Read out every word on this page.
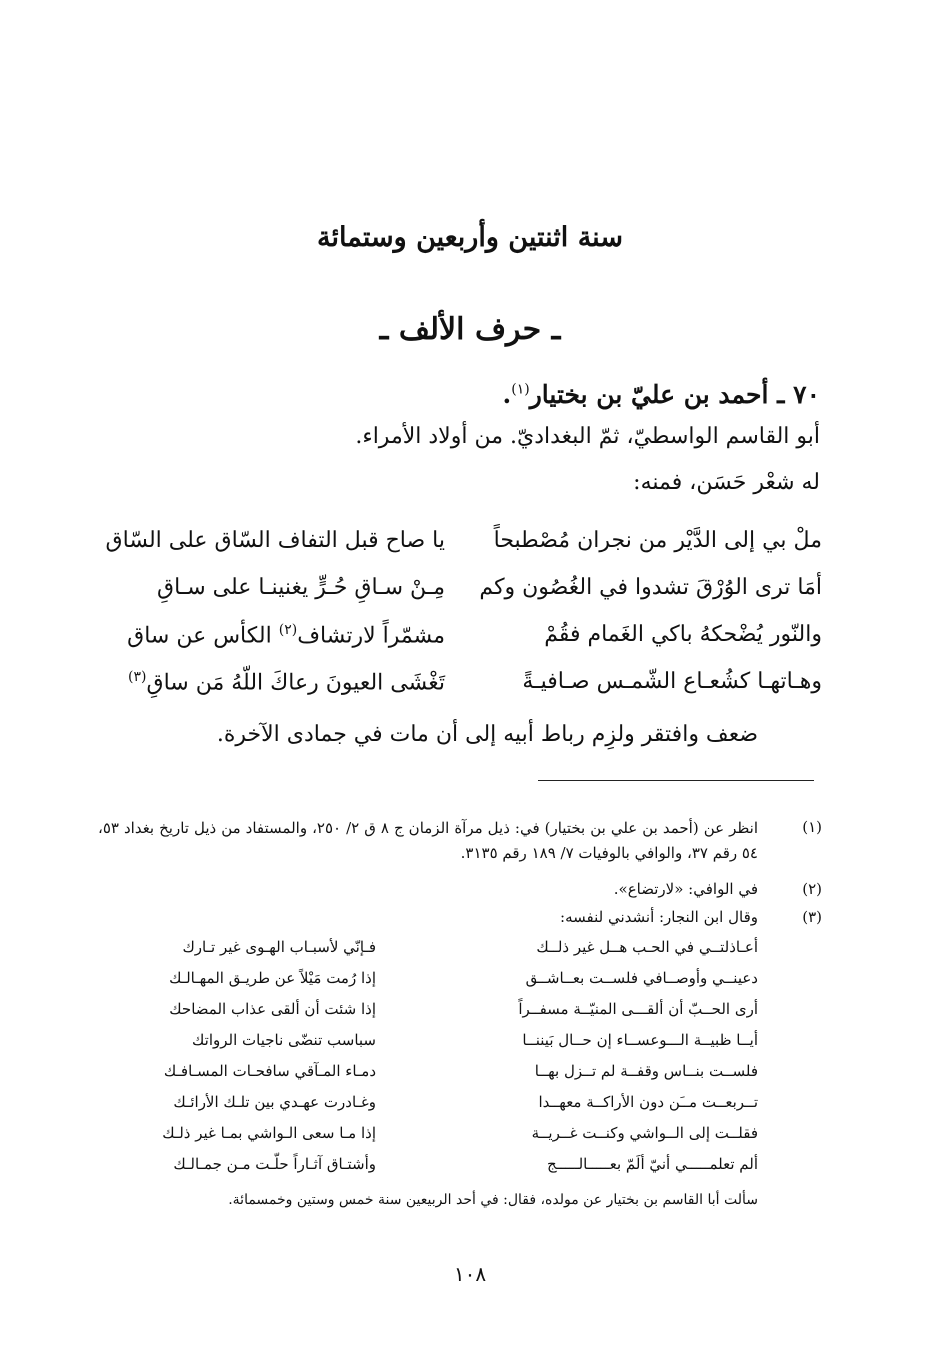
سنة اثنتين وأربعين وستمائة
ـ حرف الألف ـ
٧٠ ـ أحمد بن عليّ بن بختيار$^{(١)}$.
أبو القاسم الواسطيّ، ثمّ البغداديّ. من أولاد الأمراء.
له شعْر حَسَن، فمنه:
ملْ بي إلى الدَّيْر من نجران مُصْطبحاً
يا صاح قبل التفاف السّاق على السّاق
أمَا ترى الوُرْقَ تشدوا في الغُصُون وكم
مِـنْ سـاقِ حُـرٍّ يغنينـا على سـاقِ
والنّور يُضْحكهُ باكي الغَمام فقُمْ
مشمّراً لارتشاف$^{(٢)}$ الكأس عن ساق
وهـاتهـا كشُعـاع الشّمـس صـافيـةً
تَغْشَى العيونَ رعاكَ اللّهُ مَن ساقِ$^{(٣)}$
ضعف وافتقر ولزِم رباط أبيه إلى أن مات في جمادى الآخرة.
(١)
انظر عن (أحمد بن علي بن بختيار) في: ذيل مرآة الزمان ج ٨ ق ٢/ ٢٥٠، والمستفاد من ذيل تاريخ بغداد ٥٣، ٥٤ رقم ٣٧، والوافي بالوفيات ٧/ ١٨٩ رقم ٣١٣٥.
(٢)
في الوافي: «لارتضاع».
(٣)
وقال ابن النجار: أنشدني لنفسه:
أعـاذلتــي في الحـب هــل غير ذلــك
فـإنّي لأسبـاب الهـوى غير تـارك
دعينــي وأوصــافي فلســت بعــاشــق
إذا رُمت مَيْلاً عن طريـق المهـالـك
أرى الحــبّ أن ألقـــى المنيّــة مسفــراً
إذا شئت أن ألقى عذاب المضاحك
أيــا ظبيــة الـــوعســاء إن حــال بَيننــا
سباسب تنضّى ناجيات الرواتك
فلســت بنــاس وقفــة لم تــزل بهــا
دمـاء المـآقي سافحـات المسـافـك
تــربعــت مــَن دون الأراكــة معهــدا
وغـادرت عهـدي بين تلـك الأرائـك
فقلــت إلى الــواشي وكنــت غــريــة
إذا مـا سعى الـواشي بمـا غير ذلـك
ألم تعلمـــــي أنيّ ألَمّ بعـــــالـــــج
وأشتـاق آثـاراً حلّـت مـن جمـالـك
سألت أبا القاسم بن بختيار عن مولده، فقال: في أحد الربيعين سنة خمس وستين وخمسمائة.
١٠٨
